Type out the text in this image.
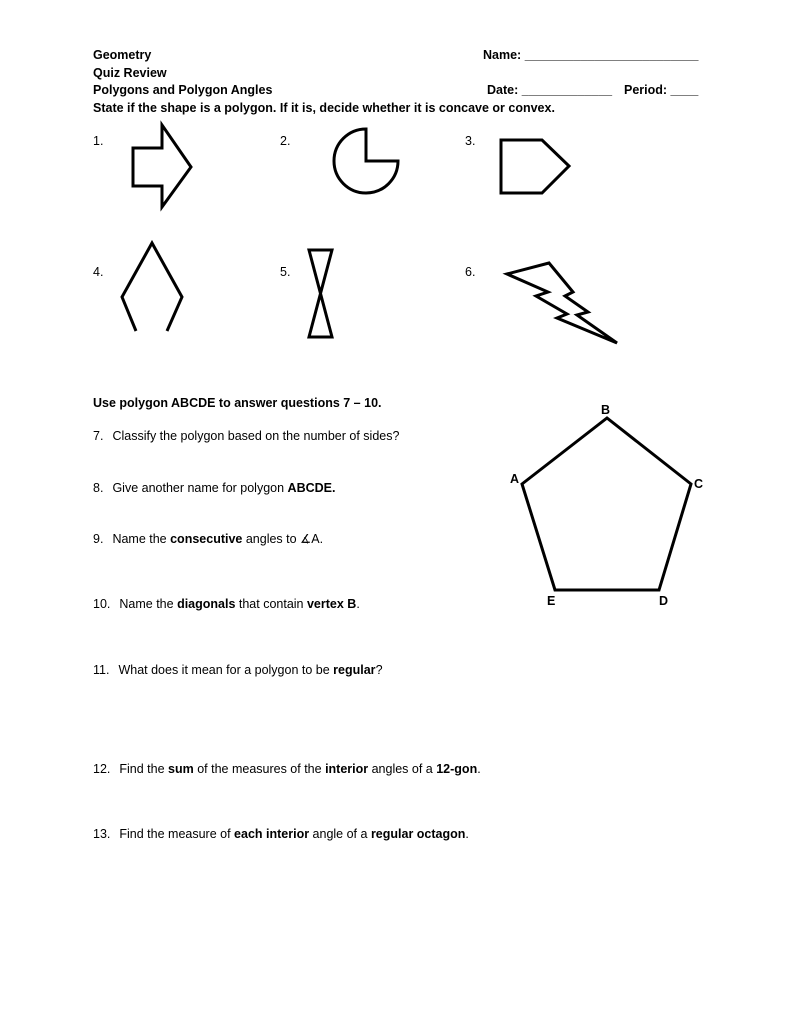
Geometry
Quiz Review
Polygons and Polygon Angles
State if the shape is a polygon. If it is, decide whether it is concave or convex.
Name: _________________________
Date: _____________ Period: ____
1.	2.	3.
4.	5.	6.
B
A	C
E	D
Use polygon ABCDE to answer questions 7 – 10.
7. Classify the polygon based on the number of sides?
8. Give another name for polygon ABCDE.
9. Name the consecutive angles to ∡A.
10. Name the diagonals that contain vertex B.
11. What does it mean for a polygon to be regular?
12. Find the sum of the measures of the interior angles of a 12-gon.
13. Find the measure of each interior angle of a regular octagon.
